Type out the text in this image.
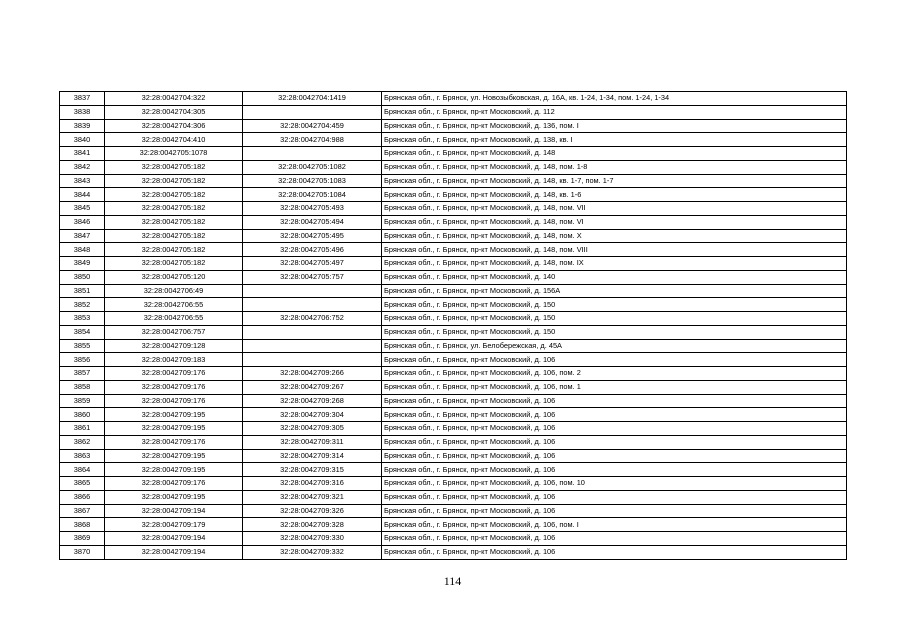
3837	32:28:0042704:322	32:28:0042704:1419	Брянская обл., г. Брянск, ул. Новозыбковская, д. 16А, кв. 1-24, 1-34, пом. 1-24, 1-34
3838	32:28:0042704:305		Брянская обл., г. Брянск, пр-кт Московский, д. 112
3839	32:28:0042704:306	32:28:0042704:459	Брянская обл., г. Брянск, пр-кт Московский, д. 136, пом. I
3840	32:28:0042704:410	32:28:0042704:988	Брянская обл., г. Брянск, пр-кт Московский, д. 138, кв. I
3841	32:28:0042705:1078		Брянская обл., г. Брянск, пр-кт Московский, д. 148
3842	32:28:0042705:182	32:28:0042705:1082	Брянская обл., г. Брянск, пр-кт Московский, д. 148, пом. 1-8
3843	32:28:0042705:182	32:28:0042705:1083	Брянская обл., г. Брянск, пр-кт Московский, д. 148, кв. 1-7, пом. 1-7
3844	32:28:0042705:182	32:28:0042705:1084	Брянская обл., г. Брянск, пр-кт Московский, д. 148, кв. 1-6
3845	32:28:0042705:182	32:28:0042705:493	Брянская обл., г. Брянск, пр-кт Московский, д. 148, пом. VII
3846	32:28:0042705:182	32:28:0042705:494	Брянская обл., г. Брянск, пр-кт Московский, д. 148, пом. VI
3847	32:28:0042705:182	32:28:0042705:495	Брянская обл., г. Брянск, пр-кт Московский, д. 148, пом. X
3848	32:28:0042705:182	32:28:0042705:496	Брянская обл., г. Брянск, пр-кт Московский, д. 148, пом. VIII
3849	32:28:0042705:182	32:28:0042705:497	Брянская обл., г. Брянск, пр-кт Московский, д. 148, пом. IX
3850	32:28:0042705:120	32:28:0042705:757	Брянская обл., г. Брянск, пр-кт Московский, д. 140
3851	32:28:0042706:49		Брянская обл., г. Брянск, пр-кт Московский, д. 156А
3852	32:28:0042706:55		Брянская обл., г. Брянск, пр-кт Московский, д. 150
3853	32:28:0042706:55	32:28:0042706:752	Брянская обл., г. Брянск, пр-кт Московский, д. 150
3854	32:28:0042706:757		Брянская обл., г. Брянск, пр-кт Московский, д. 150
3855	32:28:0042709:128		Брянская обл., г. Брянск, ул. Белобережская, д. 45А
3856	32:28:0042709:183		Брянская обл., г. Брянск, пр-кт Московский, д. 106
3857	32:28:0042709:176	32:28:0042709:266	Брянская обл., г. Брянск, пр-кт Московский, д. 106, пом. 2
3858	32:28:0042709:176	32:28:0042709:267	Брянская обл., г. Брянск, пр-кт Московский, д. 106, пом. 1
3859	32:28:0042709:176	32:28:0042709:268	Брянская обл., г. Брянск, пр-кт Московский, д. 106
3860	32:28:0042709:195	32:28:0042709:304	Брянская обл., г. Брянск, пр-кт Московский, д. 106
3861	32:28:0042709:195	32:28:0042709:305	Брянская обл., г. Брянск, пр-кт Московский, д. 106
3862	32:28:0042709:176	32:28:0042709:311	Брянская обл., г. Брянск, пр-кт Московский, д. 106
3863	32:28:0042709:195	32:28:0042709:314	Брянская обл., г. Брянск, пр-кт Московский, д. 106
3864	32:28:0042709:195	32:28:0042709:315	Брянская обл., г. Брянск, пр-кт Московский, д. 106
3865	32:28:0042709:176	32:28:0042709:316	Брянская обл., г. Брянск, пр-кт Московский, д. 106, пом. 10
3866	32:28:0042709:195	32:28:0042709:321	Брянская обл., г. Брянск, пр-кт Московский, д. 106
3867	32:28:0042709:194	32:28:0042709:326	Брянская обл., г. Брянск, пр-кт Московский, д. 106
3868	32:28:0042709:179	32:28:0042709:328	Брянская обл., г. Брянск, пр-кт Московский, д. 106, пом. I
3869	32:28:0042709:194	32:28:0042709:330	Брянская обл., г. Брянск, пр-кт Московский, д. 106
3870	32:28:0042709:194	32:28:0042709:332	Брянская обл., г. Брянск, пр-кт Московский, д. 106
114
